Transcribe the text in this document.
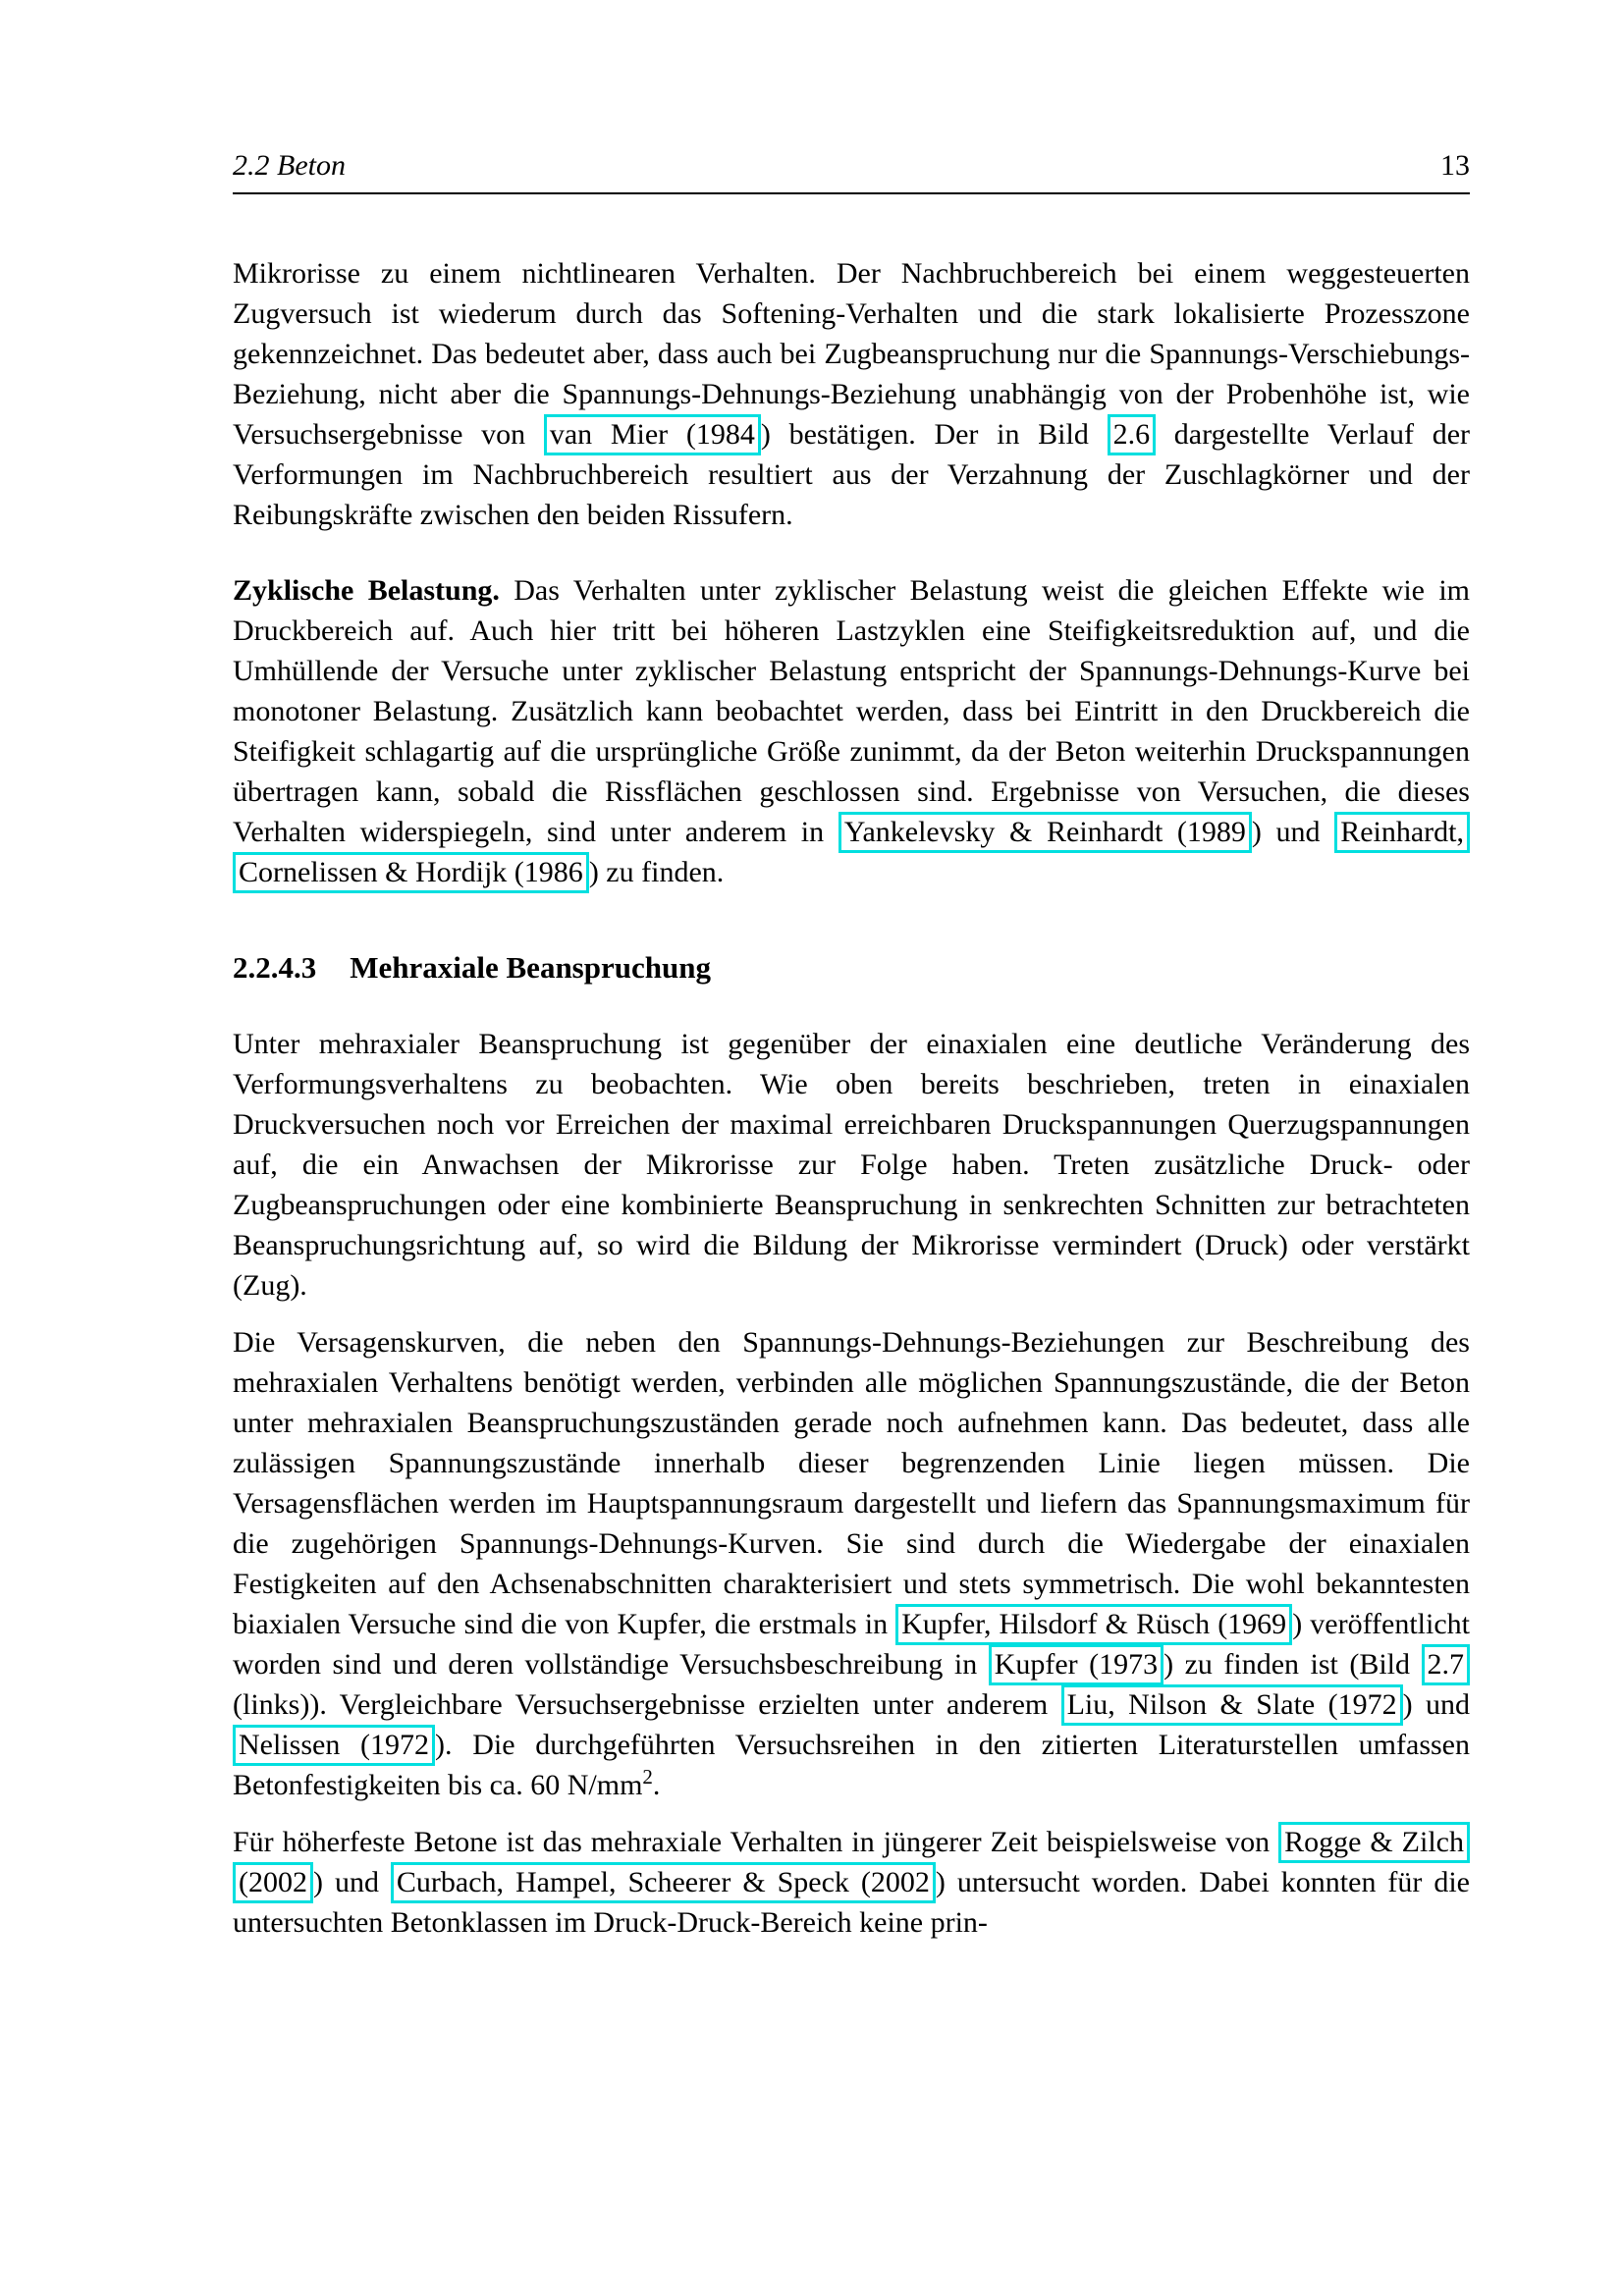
2.2 Beton	13

Mikrorisse zu einem nichtlinearen Verhalten. Der Nachbruchbereich bei einem weggesteuerten Zugversuch ist wiederum durch das Softening-Verhalten und die stark lokalisierte Prozesszone gekennzeichnet. Das bedeutet aber, dass auch bei Zugbeanspruchung nur die Spannungs-Verschiebungs-Beziehung, nicht aber die Spannungs-Dehnungs-Beziehung unabhängig von der Probenhöhe ist, wie Versuchsergebnisse von van Mier (1984 ) bestätigen. Der in Bild 2.6 dargestellte Verlauf der Verformungen im Nachbruchbereich resultiert aus der Verzahnung der Zuschlagkörner und der Reibungskräfte zwischen den beiden Rissufern.

Zyklische Belastung. Das Verhalten unter zyklischer Belastung weist die gleichen Effekte wie im Druckbereich auf. Auch hier tritt bei höheren Lastzyklen eine Steifigkeitsreduktion auf, und die Umhüllende der Versuche unter zyklischer Belastung entspricht der Spannungs-Dehnungs-Kurve bei monotoner Belastung. Zusätzlich kann beobachtet werden, dass bei Eintritt in den Druckbereich die Steifigkeit schlagartig auf die ursprüngliche Größe zunimmt, da der Beton weiterhin Druckspannungen übertragen kann, sobald die Rissflächen geschlossen sind. Ergebnisse von Versuchen, die dieses Verhalten widerspiegeln, sind unter anderem in Yankelevsky & Reinhardt (1989 ) und Reinhardt, Cornelissen & Hordijk (1986 ) zu finden.

2.2.4.3 Mehraxiale Beanspruchung

Unter mehraxialer Beanspruchung ist gegenüber der einaxialen eine deutliche Veränderung des Verformungsverhaltens zu beobachten. Wie oben bereits beschrieben, treten in einaxialen Druckversuchen noch vor Erreichen der maximal erreichbaren Druckspannungen Querzugspannungen auf, die ein Anwachsen der Mikrorisse zur Folge haben. Treten zusätzliche Druck- oder Zugbeanspruchungen oder eine kombinierte Beanspruchung in senkrechten Schnitten zur betrachteten Beanspruchungsrichtung auf, so wird die Bildung der Mikrorisse vermindert (Druck) oder verstärkt (Zug).

Die Versagenskurven, die neben den Spannungs-Dehnungs-Beziehungen zur Beschreibung des mehraxialen Verhaltens benötigt werden, verbinden alle möglichen Spannungszustände, die der Beton unter mehraxialen Beanspruchungszuständen gerade noch aufnehmen kann. Das bedeutet, dass alle zulässigen Spannungszustände innerhalb dieser begrenzenden Linie liegen müssen. Die Versagensflächen werden im Hauptspannungsraum dargestellt und liefern das Spannungsmaximum für die zugehörigen Spannungs-Dehnungs-Kurven. Sie sind durch die Wiedergabe der einaxialen Festigkeiten auf den Achsenabschnitten charakterisiert und stets symmetrisch. Die wohl bekanntesten biaxialen Versuche sind die von Kupfer, die erstmals in Kupfer, Hilsdorf & Rüsch (1969 ) veröffentlicht worden sind und deren vollständige Versuchsbeschreibung in Kupfer (1973 ) zu finden ist (Bild 2.7 (links)). Vergleichbare Versuchsergebnisse erzielten unter anderem Liu, Nilson & Slate (1972 ) und Nelissen (1972 ). Die durchgeführten Versuchsreihen in den zitierten Literaturstellen umfassen Betonfestigkeiten bis ca. 60 $N/mm^2$.

Für höherfeste Betone ist das mehraxiale Verhalten in jüngerer Zeit beispielsweise von Rogge & Zilch (2002 ) und Curbach, Hampel, Scheerer & Speck (2002 ) untersucht worden. Dabei konnten für die untersuchten Betonklassen im Druck-Druck-Bereich keine prin-
